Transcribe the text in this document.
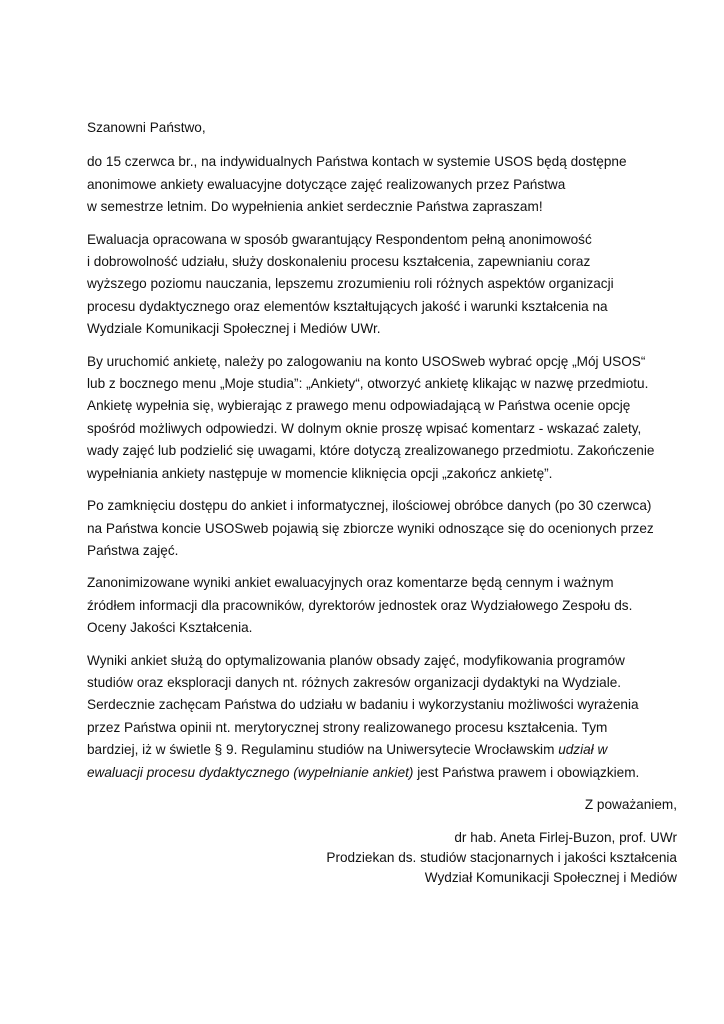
Szanowni Państwo,
do 15 czerwca br., na indywidualnych Państwa kontach w systemie USOS będą dostępne
anonimowe ankiety ewaluacyjne dotyczące zajęć realizowanych przez Państwa
w semestrze letnim. Do wypełnienia ankiet serdecznie Państwa zapraszam!
Ewaluacja opracowana w sposób gwarantujący Respondentom pełną anonimowość
i dobrowolność udziału, służy doskonaleniu procesu kształcenia, zapewnianiu coraz
wyższego poziomu nauczania, lepszemu zrozumieniu roli różnych aspektów organizacji
procesu dydaktycznego oraz elementów kształtujących jakość i warunki kształcenia na
Wydziale Komunikacji Społecznej i Mediów UWr.
By uruchomić ankietę, należy po zalogowaniu na konto USOSweb wybrać opcję „Mój USOS“
lub z bocznego menu „Moje studia”: „Ankiety“, otworzyć ankietę klikając w nazwę przedmiotu.
Ankietę wypełnia się, wybierając z prawego menu odpowiadającą w Państwa ocenie opcję
spośród możliwych odpowiedzi. W dolnym oknie proszę wpisać komentarz - wskazać zalety,
wady zajęć lub podzielić się uwagami, które dotyczą zrealizowanego przedmiotu. Zakończenie
wypełniania ankiety następuje w momencie kliknięcia opcji „zakończ ankietę”.
Po zamknięciu dostępu do ankiet i informatycznej, ilościowej obróbce danych (po 30 czerwca)
na Państwa koncie USOSweb pojawią się zbiorcze wyniki odnoszące się do ocenionych przez
Państwa zajęć.
Zanonimizowane wyniki ankiet ewaluacyjnych oraz komentarze będą cennym i ważnym
źródłem informacji dla pracowników, dyrektorów jednostek oraz Wydziałowego Zespołu ds.
Oceny Jakości Kształcenia.
Wyniki ankiet służą do optymalizowania planów obsady zajęć, modyfikowania programów
studiów oraz eksploracji danych nt. różnych zakresów organizacji dydaktyki na Wydziale.
Serdecznie zachęcam Państwa do udziału w badaniu i wykorzystaniu możliwości wyrażenia
przez Państwa opinii nt. merytorycznej strony realizowanego procesu kształcenia. Tym
bardziej, iż w świetle § 9. Regulaminu studiów na Uniwersytecie Wrocławskim udział w
ewaluacji procesu dydaktycznego (wypełnianie ankiet) jest Państwa prawem i obowiązkiem.
Z poważaniem,
dr hab. Aneta Firlej-Buzon, prof. UWr
Prodziekan ds. studiów stacjonarnych i jakości kształcenia
Wydział Komunikacji Społecznej i Mediów
